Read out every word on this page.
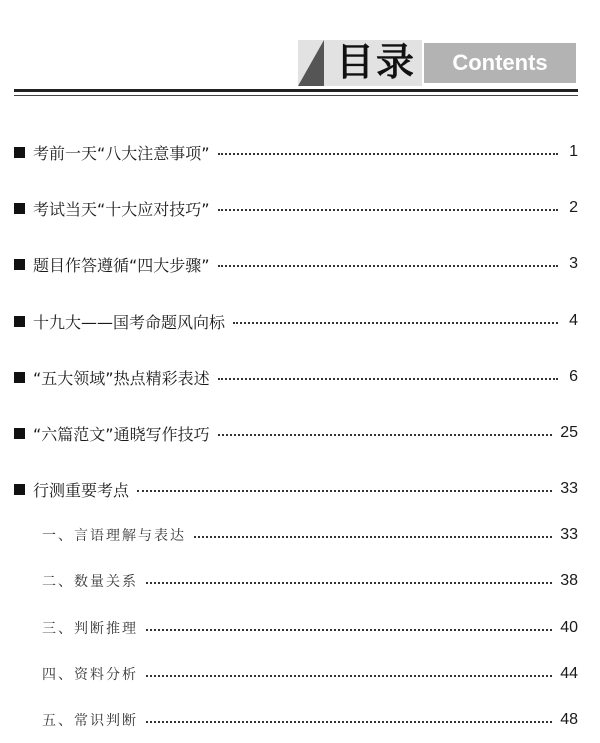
目录	Contents
考前一天“八大注意事项”	1
考试当天“十大应对技巧”	2
题目作答遵循“四大步骤”	3
十九大——国考命题风向标	4
“五大领域”热点精彩表述	6
“六篇范文”通晓写作技巧	25
行测重要考点	33
一、言语理解与表达	33
二、数量关系	38
三、判断推理	40
四、资料分析	44
五、常识判断	48
